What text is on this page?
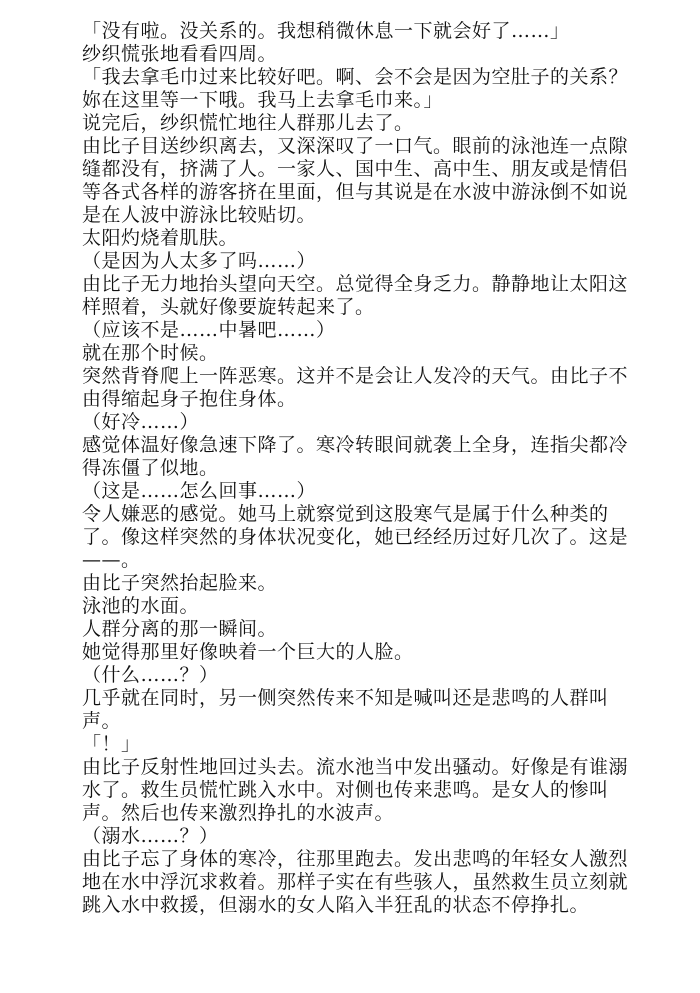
「没有啦。没关系的。我想稍微休息一下就会好了……」

纱织慌张地看看四周。

「我去拿毛巾过来比较好吧。啊、会不会是因为空肚子的关系？妳在这里等一下哦。我马上去拿毛巾来。」

说完后，纱织慌忙地往人群那儿去了。

由比子目送纱织离去，又深深叹了一口气。眼前的泳池连一点隙缝都没有，挤满了人。一家人、国中生、高中生、朋友或是情侣等各式各样的游客挤在里面，但与其说是在水波中游泳倒不如说是在人波中游泳比较贴切。

太阳灼烧着肌肤。

（是因为人太多了吗……）

由比子无力地抬头望向天空。总觉得全身乏力。静静地让太阳这样照着，头就好像要旋转起来了。

（应该不是……中暑吧……）

就在那个时候。

突然背脊爬上一阵恶寒。这并不是会让人发冷的天气。由比子不由得缩起身子抱住身体。

（好冷……）

感觉体温好像急速下降了。寒冷转眼间就袭上全身，连指尖都冷得冻僵了似地。

（这是……怎么回事……）

令人嫌恶的感觉。她马上就察觉到这股寒气是属于什么种类的了。像这样突然的身体状况变化，她已经经历过好几次了。这是——。

由比子突然抬起脸来。

泳池的水面。

人群分离的那一瞬间。

她觉得那里好像映着一个巨大的人脸。

（什么……？）

几乎就在同时，另一侧突然传来不知是喊叫还是悲鸣的人群叫声。

「！」

由比子反射性地回过头去。流水池当中发出骚动。好像是有谁溺水了。救生员慌忙跳入水中。对侧也传来悲鸣。是女人的惨叫声。然后也传来激烈挣扎的水波声。

（溺水……？）

由比子忘了身体的寒冷，往那里跑去。发出悲鸣的年轻女人激烈地在水中浮沉求救着。那样子实在有些骇人，虽然救生员立刻就跳入水中救援，但溺水的女人陷入半狂乱的状态不停挣扎。
